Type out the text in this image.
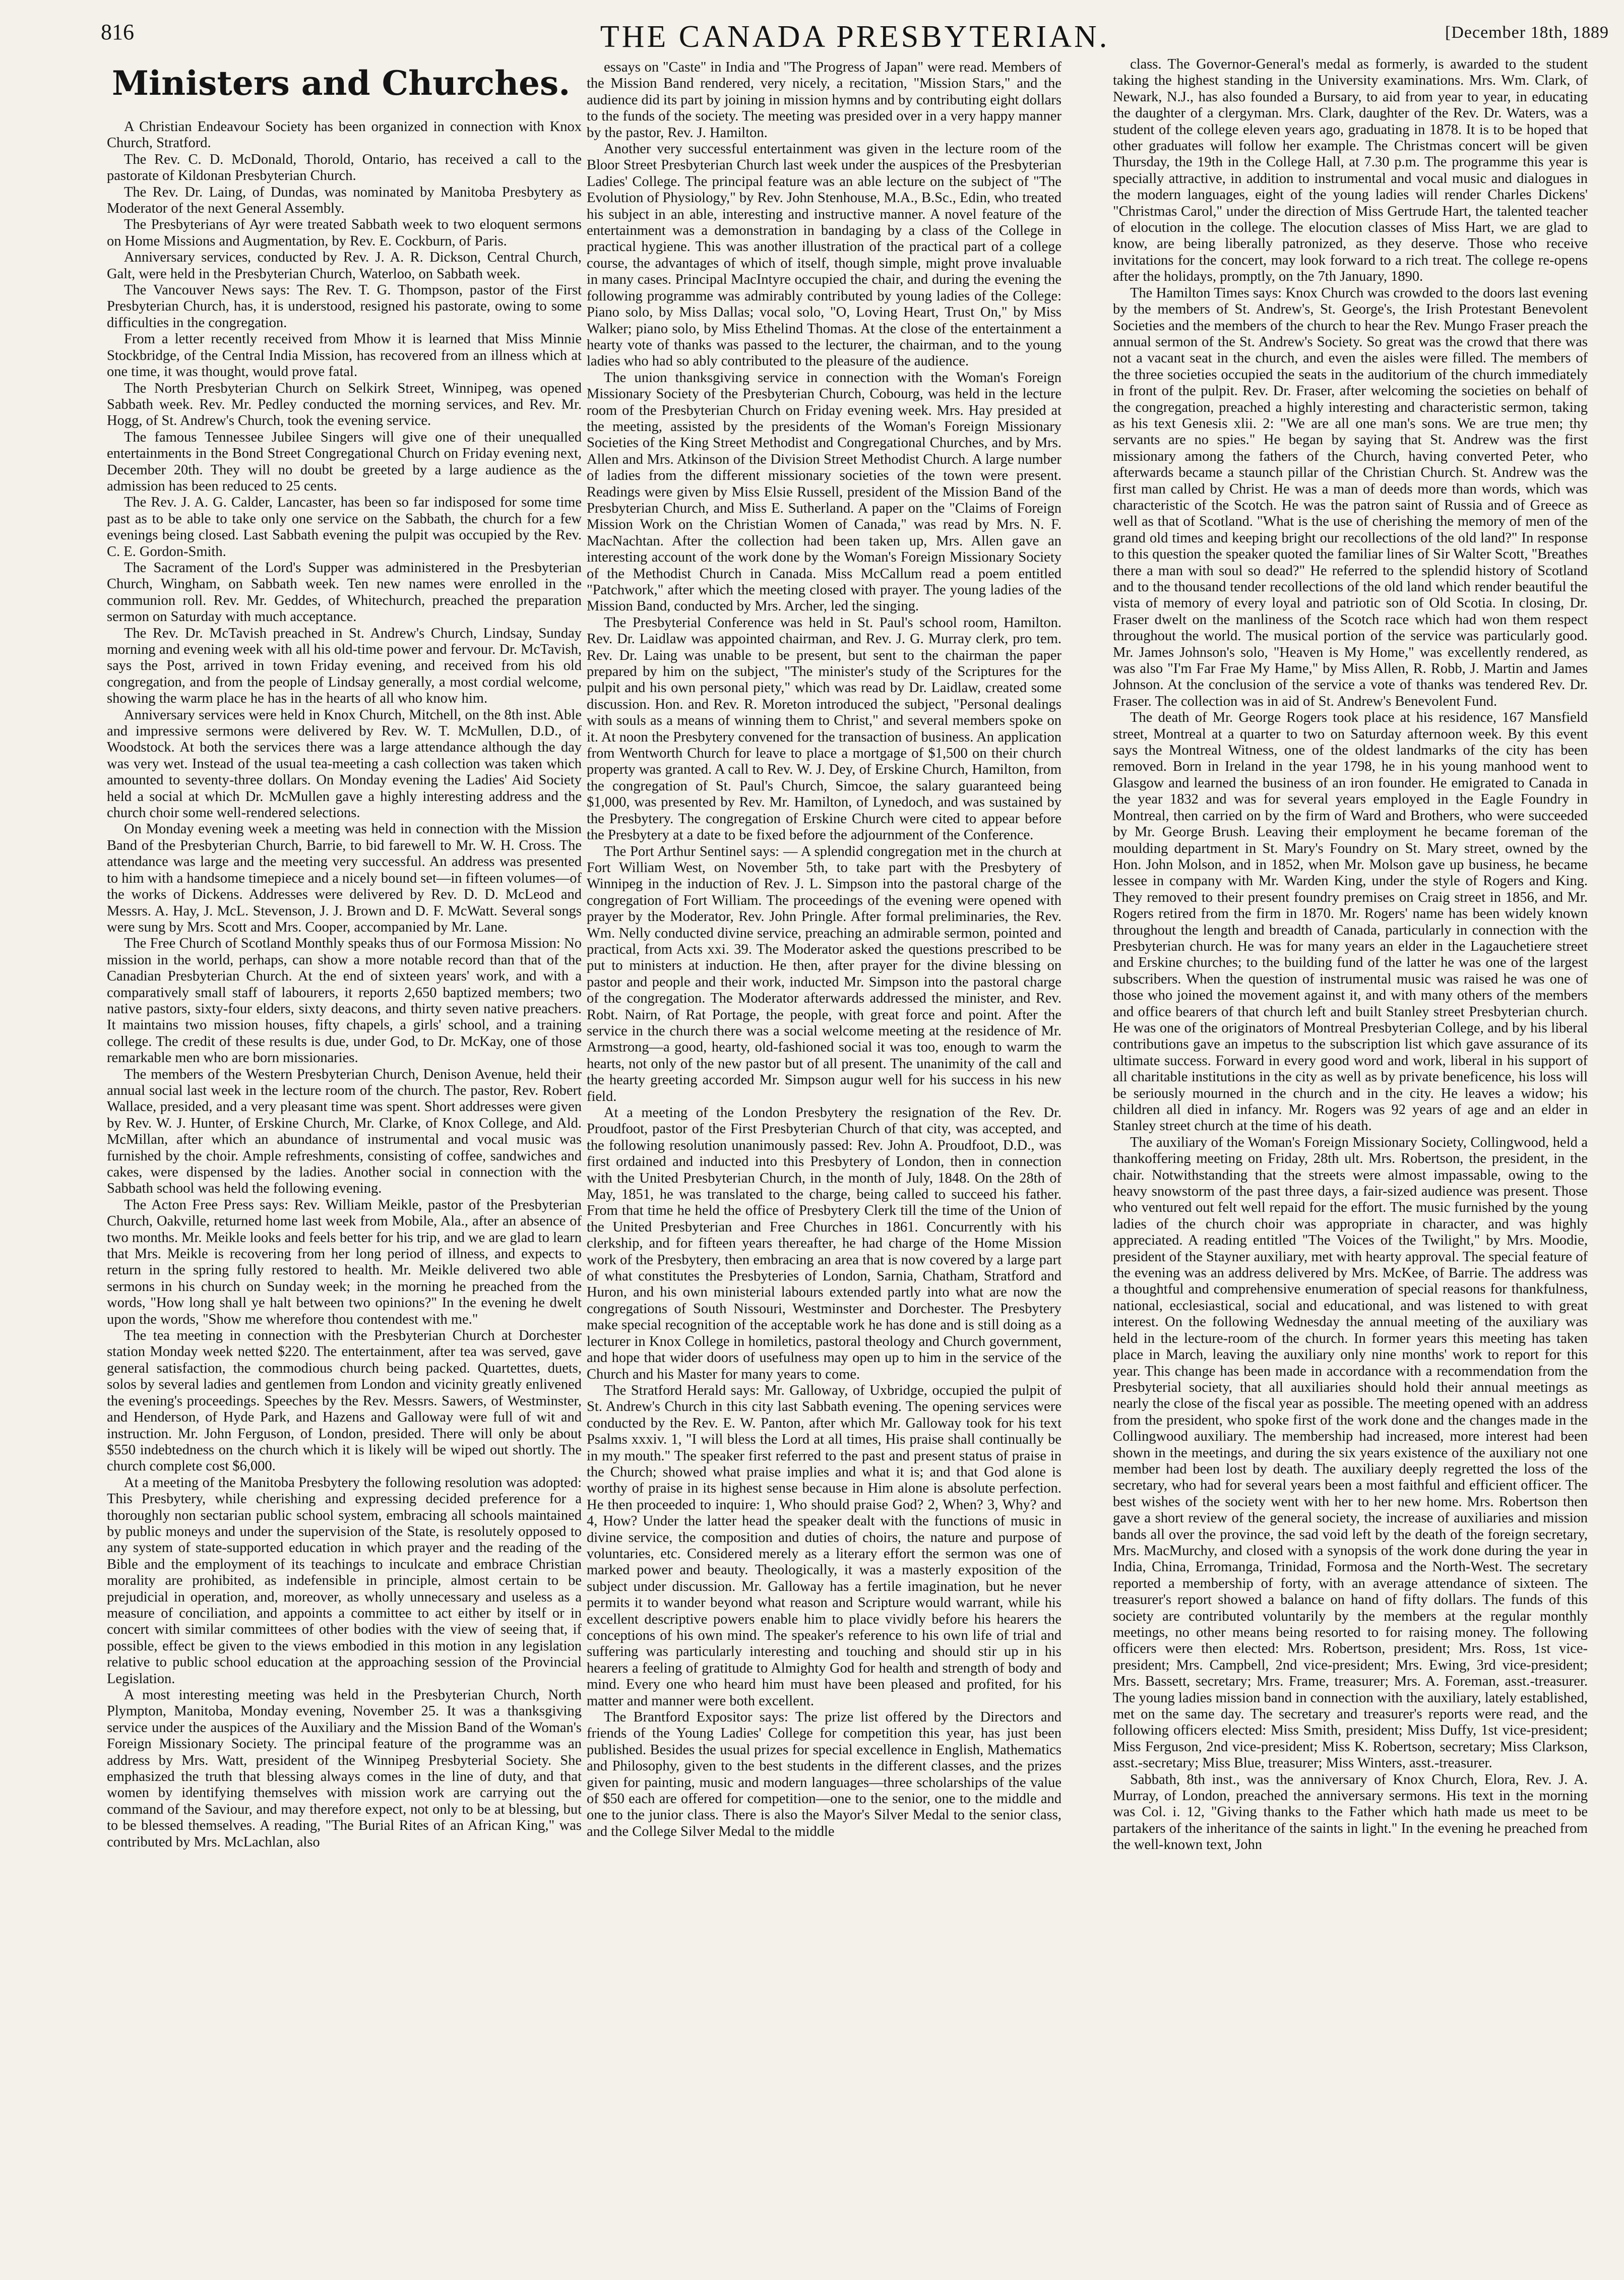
816	THE CANADA PRESBYTERIAN.	[December 18th, 1889
Ministers and Churches.

A Christian Endeavour Society has been organized in connection with Knox Church, Stratford.

The Rev. C. D. McDonald, Thorold, Ontario, has received a call to the pastorate of Kildonan Presbyterian Church.

The Rev. Dr. Laing, of Dundas, was nominated by Manitoba Presbytery as Moderator of the next General Assembly.

The Presbyterians of Ayr were treated Sabbath week to two eloquent sermons on Home Missions and Augmentation, by Rev. E. Cockburn, of Paris.

Anniversary services, conducted by Rev. J. A. R. Dickson, Central Church, Galt, were held in the Presbyterian Church, Waterloo, on Sabbath week.

The Vancouver News says: The Rev. T. G. Thompson, pastor of the First Presbyterian Church, has, it is understood, resigned his pastorate, owing to some difficulties in the congregation.

From a letter recently received from Mhow it is learned that Miss Minnie Stockbridge, of the Central India Mission, has recovered from an illness which at one time, it was thought, would prove fatal.

The North Presbyterian Church on Selkirk Street, Winnipeg, was opened Sabbath week. Rev. Mr. Pedley conducted the morning services, and Rev. Mr. Hogg, of St. Andrew's Church, took the evening service.

The famous Tennessee Jubilee Singers will give one of their unequalled entertainments in the Bond Street Congregational Church on Friday evening next, December 20th. They will no doubt be greeted by a large audience as the admission has been reduced to 25 cents.

The Rev. J. A. G. Calder, Lancaster, has been so far indisposed for some time past as to be able to take only one service on the Sabbath, the church for a few evenings being closed. Last Sabbath evening the pulpit was occupied by the Rev. C. E. Gordon-Smith.

The Sacrament of the Lord's Supper was administered in the Presbyterian Church, Wingham, on Sabbath week. Ten new names were enrolled in the communion roll. Rev. Mr. Geddes, of Whitechurch, preached the preparation sermon on Saturday with much acceptance.

The Rev. Dr. McTavish preached in St. Andrew's Church, Lindsay, Sunday morning and evening week with all his old-time power and fervour. Dr. McTavish, says the Post, arrived in town Friday evening, and received from his old congregation, and from the people of Lindsay generally, a most cordial welcome, showing the warm place he has in the hearts of all who know him.

Anniversary services were held in Knox Church, Mitchell, on the 8th inst. Able and impressive sermons were delivered by Rev. W. T. McMullen, D.D., of Woodstock. At both the services there was a large attendance although the day was very wet. Instead of the usual tea-meeting a cash collection was taken which amounted to seventy-three dollars. On Monday evening the Ladies' Aid Society held a social at which Dr. McMullen gave a highly interesting address and the church choir some well-rendered selections.

On Monday evening week a meeting was held in connection with the Mission Band of the Presbyterian Church, Barrie, to bid farewell to Mr. W. H. Cross. The attendance was large and the meeting very successful. An address was presented to him with a handsome timepiece and a nicely bound set—in fifteen volumes—of the works of Dickens. Addresses were delivered by Rev. D. D. McLeod and Messrs. A. Hay, J. McL. Stevenson, J. J. Brown and D. F. McWatt. Several songs were sung by Mrs. Scott and Mrs. Cooper, accompanied by Mr. Lane.

The Free Church of Scotland Monthly speaks thus of our Formosa Mission: No mission in the world, perhaps, can show a more notable record than that of the Canadian Presbyterian Church. At the end of sixteen years' work, and with a comparatively small staff of labourers, it reports 2,650 baptized members; two native pastors, sixty-four elders, sixty deacons, and thirty seven native preachers. It maintains two mission houses, fifty chapels, a girls' school, and a training college. The credit of these results is due, under God, to Dr. McKay, one of those remarkable men who are born missionaries.

The members of the Western Presbyterian Church, Denison Avenue, held their annual social last week in the lecture room of the church. The pastor, Rev. Robert Wallace, presided, and a very pleasant time was spent. Short addresses were given by Rev. W. J. Hunter, of Erskine Church, Mr. Clarke, of Knox College, and Ald. McMillan, after which an abundance of instrumental and vocal music was furnished by the choir. Ample refreshments, consisting of coffee, sandwiches and cakes, were dispensed by the ladies. Another social in connection with the Sabbath school was held the following evening.

The Acton Free Press says: Rev. William Meikle, pastor of the Presbyterian Church, Oakville, returned home last week from Mobile, Ala., after an absence of two months. Mr. Meikle looks and feels better for his trip, and we are glad to learn that Mrs. Meikle is recovering from her long period of illness, and expects to return in the spring fully restored to health. Mr. Meikle delivered two able sermons in his church on Sunday week; in the morning he preached from the words, "How long shall ye halt between two opinions?" In the evening he dwelt upon the words, "Show me wherefore thou contendest with me."

The tea meeting in connection with the Presbyterian Church at Dorchester station Monday week netted $220. The entertainment, after tea was served, gave general satisfaction, the commodious church being packed. Quartettes, duets, solos by several ladies and gentlemen from London and vicinity greatly enlivened the evening's proceedings. Speeches by the Rev. Messrs. Sawers, of Westminster, and Henderson, of Hyde Park, and Hazens and Galloway were full of wit and instruction. Mr. John Ferguson, of London, presided. There will only be about $550 indebtedness on the church which it is likely will be wiped out shortly. The church complete cost $6,000.

At a meeting of the Manitoba Presbytery the following resolution was adopted: This Presbytery, while cherishing and expressing decided preference for a thoroughly non sectarian public school system, embracing all schools maintained by public moneys and under the supervision of the State, is resolutely opposed to any system of state-supported education in which prayer and the reading of the Bible and the employment of its teachings to inculcate and embrace Christian morality are prohibited, as indefensible in principle, almost certain to be prejudicial in operation, and, moreover, as wholly unnecessary and useless as a measure of conciliation, and appoints a committee to act either by itself or in concert with similar committees of other bodies with the view of seeing that, if possible, effect be given to the views embodied in this motion in any legislation relative to public school education at the approaching session of the Provincial Legislation.

A most interesting meeting was held in the Presbyterian Church, North Plympton, Manitoba, Monday evening, November 25. It was a thanksgiving service under the auspices of the Auxiliary and the Mission Band of the Woman's Foreign Missionary Society. The principal feature of the programme was an address by Mrs. Watt, president of the Winnipeg Presbyterial Society. She emphasized the truth that blessing always comes in the line of duty, and that women by identifying themselves with mission work are carrying out the command of the Saviour, and may therefore expect, not only to be at blessing, but to be blessed themselves. A reading, "The Burial Rites of an African King," was contributed by Mrs. McLachlan, also

essays on "Caste" in India and "The Progress of Japan" were read. Members of the Mission Band rendered, very nicely, a recitation, "Mission Stars," and the audience did its part by joining in mission hymns and by contributing eight dollars to the funds of the society. The meeting was presided over in a very happy manner by the pastor, Rev. J. Hamilton.

Another very successful entertainment was given in the lecture room of the Bloor Street Presbyterian Church last week under the auspices of the Presbyterian Ladies' College. The principal feature was an able lecture on the subject of "The Evolution of Physiology," by Rev. John Stenhouse, M.A., B.Sc., Edin, who treated his subject in an able, interesting and instructive manner. A novel feature of the entertainment was a demonstration in bandaging by a class of the College in practical hygiene. This was another illustration of the practical part of a college course, the advantages of which of itself, though simple, might prove invaluable in many cases. Principal MacIntyre occupied the chair, and during the evening the following programme was admirably contributed by young ladies of the College: Piano solo, by Miss Dallas; vocal solo, "O, Loving Heart, Trust On," by Miss Walker; piano solo, by Miss Ethelind Thomas. At the close of the entertainment a hearty vote of thanks was passed to the lecturer, the chairman, and to the young ladies who had so ably contributed to the pleasure of the audience.

The union thanksgiving service in connection with the Woman's Foreign Missionary Society of the Presbyterian Church, Cobourg, was held in the lecture room of the Presbyterian Church on Friday evening week. Mrs. Hay presided at the meeting, assisted by the presidents of the Woman's Foreign Missionary Societies of the King Street Methodist and Congregational Churches, and by Mrs. Allen and Mrs. Atkinson of the Division Street Methodist Church. A large number of ladies from the different missionary societies of the town were present. Readings were given by Miss Elsie Russell, president of the Mission Band of the Presbyterian Church, and Miss E. Sutherland. A paper on the "Claims of Foreign Mission Work on the Christian Women of Canada," was read by Mrs. N. F. MacNachtan. After the collection had been taken up, Mrs. Allen gave an interesting account of the work done by the Woman's Foreign Missionary Society of the Methodist Church in Canada. Miss McCallum read a poem entitled "Patchwork," after which the meeting closed with prayer. The young ladies of the Mission Band, conducted by Mrs. Archer, led the singing.

The Presbyterial Conference was held in St. Paul's school room, Hamilton. Rev. Dr. Laidlaw was appointed chairman, and Rev. J. G. Murray clerk, pro tem. Rev. Dr. Laing was unable to be present, but sent to the chairman the paper prepared by him on the subject, "The minister's study of the Scriptures for the pulpit and his own personal piety," which was read by Dr. Laidlaw, created some discussion. Hon. and Rev. R. Moreton introduced the subject, "Personal dealings with souls as a means of winning them to Christ," and several members spoke on it. At noon the Presbytery convened for the transaction of business. An application from Wentworth Church for leave to place a mortgage of $1,500 on their church property was granted. A call to Rev. W. J. Dey, of Erskine Church, Hamilton, from the congregation of St. Paul's Church, Simcoe, the salary guaranteed being $1,000, was presented by Rev. Mr. Hamilton, of Lynedoch, and was sustained by the Presbytery. The congregation of Erskine Church were cited to appear before the Presbytery at a date to be fixed before the adjournment of the Conference.

The Port Arthur Sentinel says: — A splendid congregation met in the church at Fort William West, on November 5th, to take part with the Presbytery of Winnipeg in the induction of Rev. J. L. Simpson into the pastoral charge of the congregation of Fort William. The proceedings of the evening were opened with prayer by the Moderator, Rev. John Pringle. After formal preliminaries, the Rev. Wm. Nelly conducted divine service, preaching an admirable sermon, pointed and practical, from Acts xxi. 39. The Moderator asked the questions prescribed to be put to ministers at induction. He then, after prayer for the divine blessing on pastor and people and their work, inducted Mr. Simpson into the pastoral charge of the congregation. The Moderator afterwards addressed the minister, and Rev. Robt. Nairn, of Rat Portage, the people, with great force and point. After the service in the church there was a social welcome meeting at the residence of Mr. Armstrong—a good, hearty, old-fashioned social it was too, enough to warm the hearts, not only of the new pastor but of all present. The unanimity of the call and the hearty greeting accorded Mr. Simpson augur well for his success in his new field.

At a meeting of the London Presbytery the resignation of the Rev. Dr. Proudfoot, pastor of the First Presbyterian Church of that city, was accepted, and the following resolution unanimously passed: Rev. John A. Proudfoot, D.D., was first ordained and inducted into this Presbytery of London, then in connection with the United Presbyterian Church, in the month of July, 1848. On the 28th of May, 1851, he was translated to the charge, being called to succeed his father. From that time he held the office of Presbytery Clerk till the time of the Union of the United Presbyterian and Free Churches in 1861. Concurrently with his clerkship, and for fifteen years thereafter, he had charge of the Home Mission work of the Presbytery, then embracing an area that is now covered by a large part of what constitutes the Presbyteries of London, Sarnia, Chatham, Stratford and Huron, and his own ministerial labours extended partly into what are now the congregations of South Nissouri, Westminster and Dorchester. The Presbytery make special recognition of the acceptable work he has done and is still doing as a lecturer in Knox College in homiletics, pastoral theology and Church government, and hope that wider doors of usefulness may open up to him in the service of the Church and his Master for many years to come.

The Stratford Herald says: Mr. Galloway, of Uxbridge, occupied the pulpit of St. Andrew's Church in this city last Sabbath evening. The opening services were conducted by the Rev. E. W. Panton, after which Mr. Galloway took for his text Psalms xxxiv. 1, "I will bless the Lord at all times, His praise shall continually be in my mouth." The speaker first referred to the past and present status of praise in the Church; showed what praise implies and what it is; and that God alone is worthy of praise in its highest sense because in Him alone is absolute perfection. He then proceeded to inquire: 1, Who should praise God? 2, When? 3, Why? and 4, How? Under the latter head the speaker dealt with the functions of music in divine service, the composition and duties of choirs, the nature and purpose of voluntaries, etc. Considered merely as a literary effort the sermon was one of marked power and beauty. Theologically, it was a masterly exposition of the subject under discussion. Mr. Galloway has a fertile imagination, but he never permits it to wander beyond what reason and Scripture would warrant, while his excellent descriptive powers enable him to place vividly before his hearers the conceptions of his own mind. The speaker's reference to his own life of trial and suffering was particularly interesting and touching and should stir up in his hearers a feeling of gratitude to Almighty God for health and strength of body and mind. Every one who heard him must have been pleased and profited, for his matter and manner were both excellent.

The Brantford Expositor says: The prize list offered by the Directors and friends of the Young Ladies' College for competition this year, has just been published. Besides the usual prizes for special excellence in English, Mathematics and Philosophy, given to the best students in the different classes, and the prizes given for painting, music and modern languages—three scholarships of the value of $50 each are offered for competition—one to the senior, one to the middle and one to the junior class. There is also the Mayor's Silver Medal to the senior class, and the College Silver Medal to the middle

class. The Governor-General's medal as formerly, is awarded to the student taking the highest standing in the University examinations. Mrs. Wm. Clark, of Newark, N.J., has also founded a Bursary, to aid from year to year, in educating the daughter of a clergyman. Mrs. Clark, daughter of the Rev. Dr. Waters, was a student of the college eleven years ago, graduating in 1878. It is to be hoped that other graduates will follow her example. The Christmas concert will be given Thursday, the 19th in the College Hall, at 7.30 p.m. The programme this year is specially attractive, in addition to instrumental and vocal music and dialogues in the modern languages, eight of the young ladies will render Charles Dickens' "Christmas Carol," under the direction of Miss Gertrude Hart, the talented teacher of elocution in the college. The elocution classes of Miss Hart, we are glad to know, are being liberally patronized, as they deserve. Those who receive invitations for the concert, may look forward to a rich treat. The college re-opens after the holidays, promptly, on the 7th January, 1890.

The Hamilton Times says: Knox Church was crowded to the doors last evening by the members of St. Andrew's, St. George's, the Irish Protestant Benevolent Societies and the members of the church to hear the Rev. Mungo Fraser preach the annual sermon of the St. Andrew's Society. So great was the crowd that there was not a vacant seat in the church, and even the aisles were filled. The members of the three societies occupied the seats in the auditorium of the church immediately in front of the pulpit. Rev. Dr. Fraser, after welcoming the societies on behalf of the congregation, preached a highly interesting and characteristic sermon, taking as his text Genesis xlii. 2: "We are all one man's sons. We are true men; thy servants are no spies." He began by saying that St. Andrew was the first missionary among the fathers of the Church, having converted Peter, who afterwards became a staunch pillar of the Christian Church. St. Andrew was the first man called by Christ. He was a man of deeds more than words, which was characteristic of the Scotch. He was the patron saint of Russia and of Greece as well as that of Scotland. "What is the use of cherishing the memory of men of the grand old times and keeping bright our recollections of the old land?" In response to this question the speaker quoted the familiar lines of Sir Walter Scott, "Breathes there a man with soul so dead?" He referred to the splendid history of Scotland and to the thousand tender recollections of the old land which render beautiful the vista of memory of every loyal and patriotic son of Old Scotia. In closing, Dr. Fraser dwelt on the manliness of the Scotch race which had won them respect throughout the world. The musical portion of the service was particularly good. Mr. James Johnson's solo, "Heaven is My Home," was excellently rendered, as was also "I'm Far Frae My Hame," by Miss Allen, R. Robb, J. Martin and James Johnson. At the conclusion of the service a vote of thanks was tendered Rev. Dr. Fraser. The collection was in aid of St. Andrew's Benevolent Fund.

The death of Mr. George Rogers took place at his residence, 167 Mansfield street, Montreal at a quarter to two on Saturday afternoon week. By this event says the Montreal Witness, one of the oldest landmarks of the city has been removed. Born in Ireland in the year 1798, he in his young manhood went to Glasgow and learned the business of an iron founder. He emigrated to Canada in the year 1832 and was for several years employed in the Eagle Foundry in Montreal, then carried on by the firm of Ward and Brothers, who were succeeded by Mr. George Brush. Leaving their employment he became foreman of the moulding department in St. Mary's Foundry on St. Mary street, owned by the Hon. John Molson, and in 1852, when Mr. Molson gave up business, he became lessee in company with Mr. Warden King, under the style of Rogers and King. They removed to their present foundry premises on Craig street in 1856, and Mr. Rogers retired from the firm in 1870. Mr. Rogers' name has been widely known throughout the length and breadth of Canada, particularly in connection with the Presbyterian church. He was for many years an elder in the Lagauchetiere street and Erskine churches; to the building fund of the latter he was one of the largest subscribers. When the question of instrumental music was raised he was one of those who joined the movement against it, and with many others of the members and office bearers of that church left and built Stanley street Presbyterian church. He was one of the originators of Montreal Presbyterian College, and by his liberal contributions gave an impetus to the subscription list which gave assurance of its ultimate success. Forward in every good word and work, liberal in his support of all charitable institutions in the city as well as by private beneficence, his loss will be seriously mourned in the church and in the city. He leaves a widow; his children all died in infancy. Mr. Rogers was 92 years of age and an elder in Stanley street church at the time of his death.

The auxiliary of the Woman's Foreign Missionary Society, Collingwood, held a thankoffering meeting on Friday, 28th ult. Mrs. Robertson, the president, in the chair. Notwithstanding that the streets were almost impassable, owing to the heavy snowstorm of the past three days, a fair-sized audience was present. Those who ventured out felt well repaid for the effort. The music furnished by the young ladies of the church choir was appropriate in character, and was highly appreciated. A reading entitled "The Voices of the Twilight," by Mrs. Moodie, president of the Stayner auxiliary, met with hearty approval. The special feature of the evening was an address delivered by Mrs. McKee, of Barrie. The address was a thoughtful and comprehensive enumeration of special reasons for thankfulness, national, ecclesiastical, social and educational, and was listened to with great interest. On the following Wednesday the annual meeting of the auxiliary was held in the lecture-room of the church. In former years this meeting has taken place in March, leaving the auxiliary only nine months' work to report for this year. This change has been made in accordance with a recommendation from the Presbyterial society, that all auxiliaries should hold their annual meetings as nearly the close of the fiscal year as possible. The meeting opened with an address from the president, who spoke first of the work done and the changes made in the Collingwood auxiliary. The membership had increased, more interest had been shown in the meetings, and during the six years existence of the auxiliary not one member had been lost by death. The auxiliary deeply regretted the loss of the secretary, who had for several years been a most faithful and efficient officer. The best wishes of the society went with her to her new home. Mrs. Robertson then gave a short review of the general society, the increase of auxiliaries and mission bands all over the province, the sad void left by the death of the foreign secretary, Mrs. MacMurchy, and closed with a synopsis of the work done during the year in India, China, Erromanga, Trinidad, Formosa and the North-West. The secretary reported a membership of forty, with an average attendance of sixteen. The treasurer's report showed a balance on hand of fifty dollars. The funds of this society are contributed voluntarily by the members at the regular monthly meetings, no other means being resorted to for raising money. The following officers were then elected: Mrs. Robertson, president; Mrs. Ross, 1st vice-president; Mrs. Campbell, 2nd vice-president; Mrs. Ewing, 3rd vice-president; Mrs. Bassett, secretary; Mrs. Frame, treasurer; Mrs. A. Foreman, asst.-treasurer. The young ladies mission band in connection with the auxiliary, lately established, met on the same day. The secretary and treasurer's reports were read, and the following officers elected: Miss Smith, president; Miss Duffy, 1st vice-president; Miss Ferguson, 2nd vice-president; Miss K. Robertson, secretary; Miss Clarkson, asst.-secretary; Miss Blue, treasurer; Miss Winters, asst.-treasurer.

Sabbath, 8th inst., was the anniversary of Knox Church, Elora, Rev. J. A. Murray, of London, preached the anniversary sermons. His text in the morning was Col. i. 12, "Giving thanks to the Father which hath made us meet to be partakers of the inheritance of the saints in light." In the evening he preached from the well-known text, John
